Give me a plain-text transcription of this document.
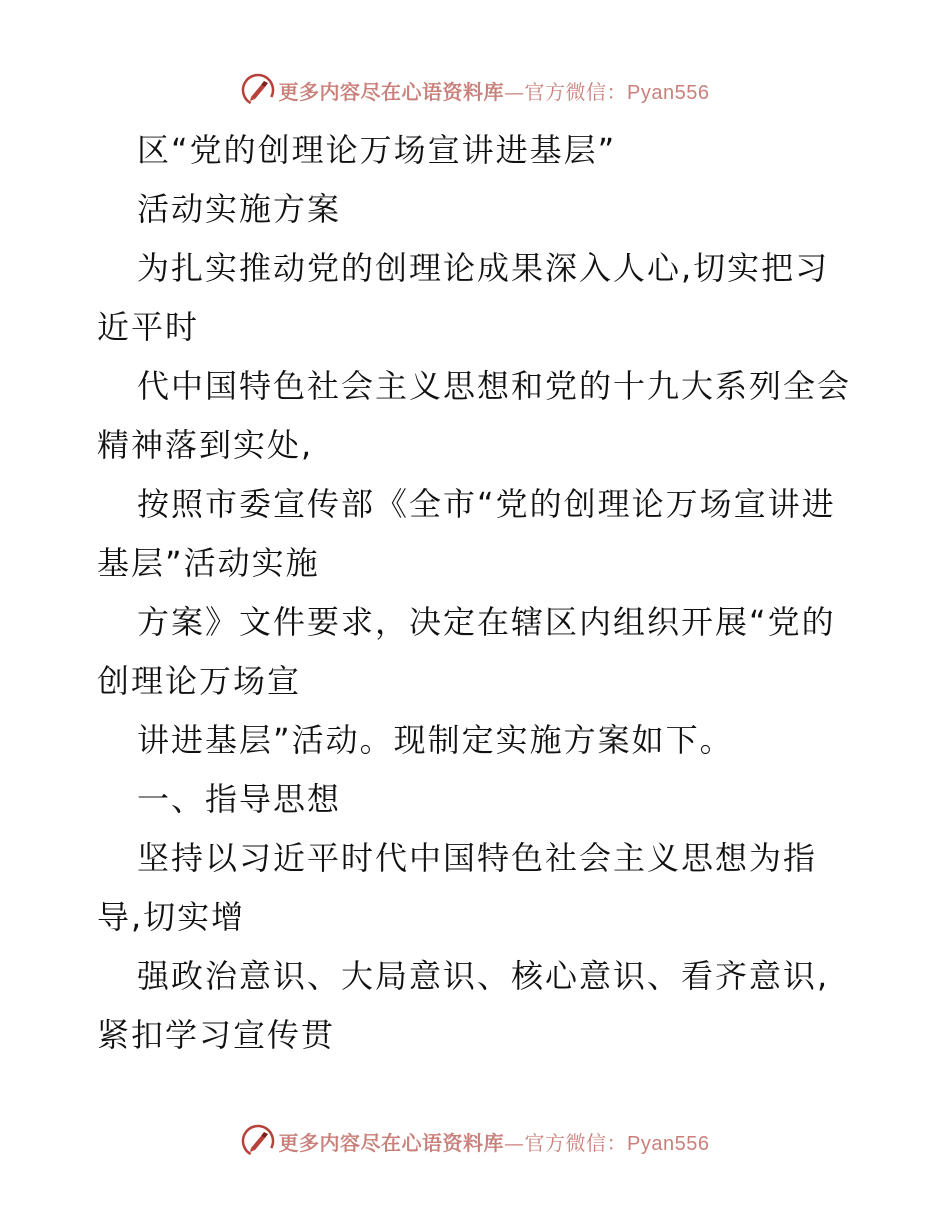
更多内容尽在心语资料库—官方微信：Pyan556

区“党的创理论万场宣讲进基层”

活动实施方案

为扎实推动党的创理论成果深入人心,切实把习近平时

代中国特色社会主义思想和党的十九大系列全会精神落到实处,

按照市委宣传部《全市“党的创理论万场宣讲进基层”活动实施

方案》文件要求，决定在辖区内组织开展“党的创理论万场宣

讲进基层”活动。现制定实施方案如下。

一、指导思想

坚持以习近平时代中国特色社会主义思想为指导,切实增

强政治意识、大局意识、核心意识、看齐意识,紧扣学习宣传贯

更多内容尽在心语资料库—官方微信：Pyan556
